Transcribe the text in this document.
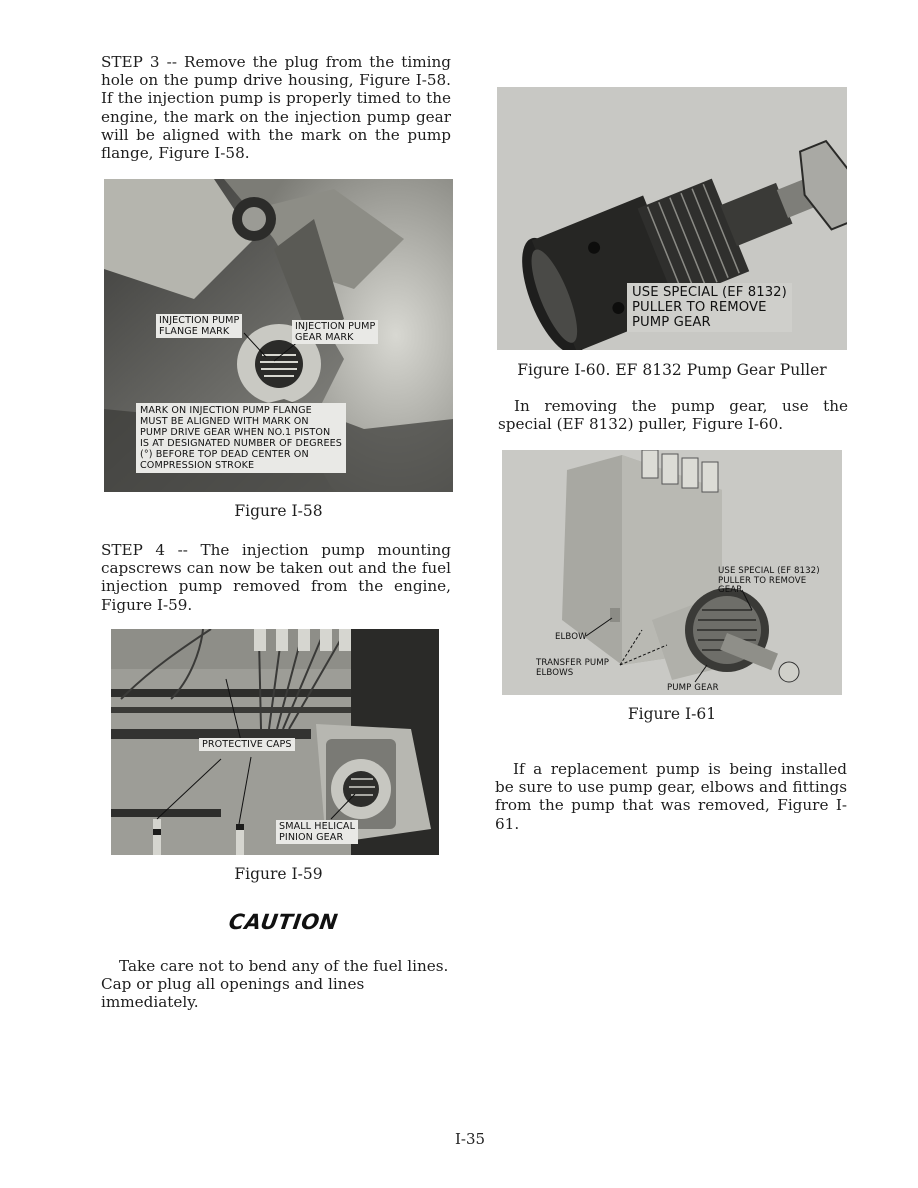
STEP 3 -- Remove the plug from the timing hole on the pump drive housing, Figure I-58. If the injection pump is properly timed to the engine, the mark on the injection pump gear will be aligned with the mark on the pump flange, Figure I-58.

INJECTION PUMP
FLANGE MARK	INJECTION PUMP
GEAR MARK
MARK ON INJECTION PUMP FLANGE
MUST BE ALIGNED WITH MARK ON
PUMP DRIVE GEAR WHEN NO.1 PISTON
IS AT DESIGNATED NUMBER OF DEGREES
(°) BEFORE TOP DEAD CENTER ON
COMPRESSION STROKE
Figure I-58

STEP 4 -- The injection pump mounting capscrews can now be taken out and the fuel injection pump removed from the engine, Figure I-59.

PROTECTIVE CAPS
SMALL HELICAL
PINION GEAR
Figure I-59
CAUTION

Take care not to bend any of the fuel lines. Cap or plug all openings and lines immediately.

USE SPECIAL (EF 8132)
PULLER TO REMOVE
PUMP GEAR
Figure I-60. EF 8132 Pump Gear Puller

In removing the pump gear, use the special (EF 8132) puller, Figure I-60.

USE SPECIAL (EF 8132)
PULLER TO REMOVE
GEAR
ELBOW
TRANSFER PUMP
ELBOWS
PUMP GEAR
Figure I-61

If a replacement pump is being installed be sure to use pump gear, elbows and fittings from the pump that was removed, Figure I-61.

I-35
